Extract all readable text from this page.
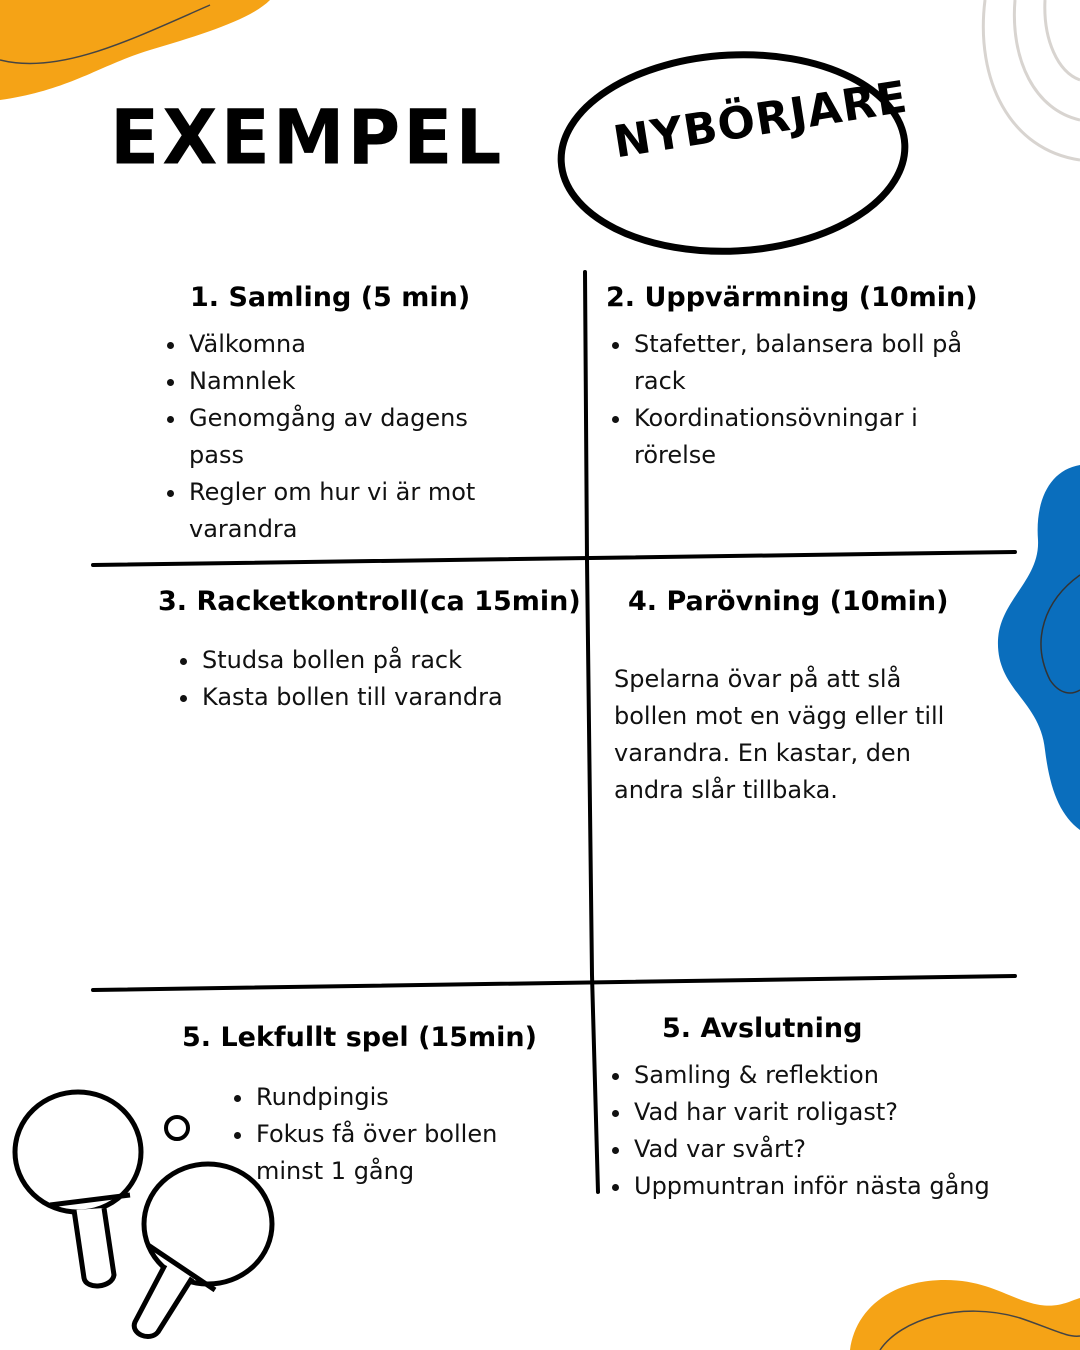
EXEMPEL NYBÖRJARE
1. Samling (5 min)
Välkomna
Namnlek
Genomgång av dagens pass
Regler om hur vi är mot varandra
2. Uppvärmning (10min)
Stafetter, balansera boll på rack
Koordinationsövningar i rörelse
3. Racketkontroll(ca 15min)
Studsa bollen på rack
Kasta bollen till varandra
4. Parövning (10min)
Spelarna övar på att slå bollen mot en vägg eller till varandra. En kastar, den andra slår tillbaka.
5. Lekfullt spel (15min)
Rundpingis
Fokus få över bollen minst 1 gång
5. Avslutning
Samling & reflektion
Vad har varit roligast?
Vad var svårt?
Uppmuntran inför nästa gång
